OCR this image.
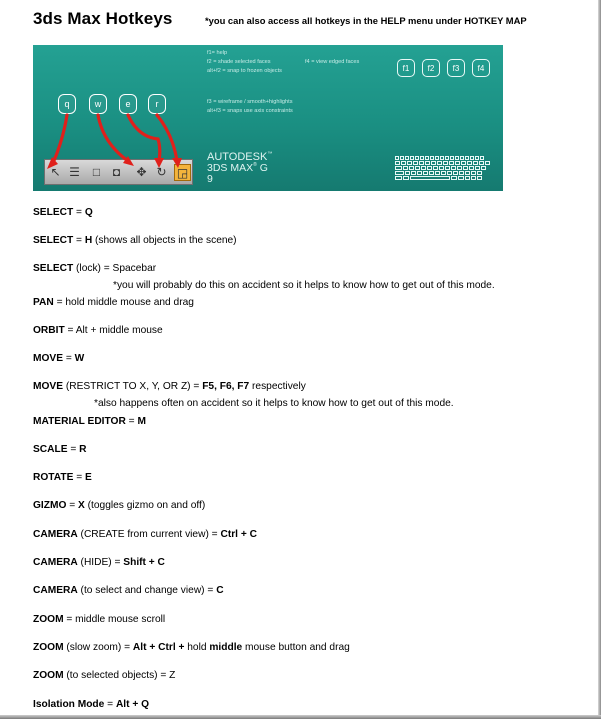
3ds Max Hotkeys	*you can also access all hotkeys in the HELP menu under HOTKEY MAP
f1= help
f2 = shade selected faces
alt+f2 = snap to frozen objects
f4 = view edged faces
f3 = wireframe / smooth+highlights
alt+f3 = snaps use axis constraints
f1	f2	f3	f4
q	w	e	r
↖ ☰	□	◘	✥ ↻ ◲
AUTODESK™
3DS MAX® G
9
SELECT = Q
SELECT = H (shows all objects in the scene)
SELECT (lock) = Spacebar
*you will probably do this on accident so it helps to know how to get out of this mode.
PAN = hold middle mouse and drag
ORBIT = Alt + middle mouse
MOVE = W
MOVE (RESTRICT TO X, Y, OR Z) = F5, F6, F7 respectively
*also happens often on accident so it helps to know how to get out of this mode.
MATERIAL EDITOR = M
SCALE = R
ROTATE = E
GIZMO = X (toggles gizmo on and off)
CAMERA (CREATE from current view) = Ctrl + C
CAMERA (HIDE) = Shift + C
CAMERA (to select and change view) = C
ZOOM = middle mouse scroll
ZOOM (slow zoom) = Alt + Ctrl + hold middle mouse button and drag
ZOOM (to selected objects) = Z
Isolation Mode = Alt + Q
